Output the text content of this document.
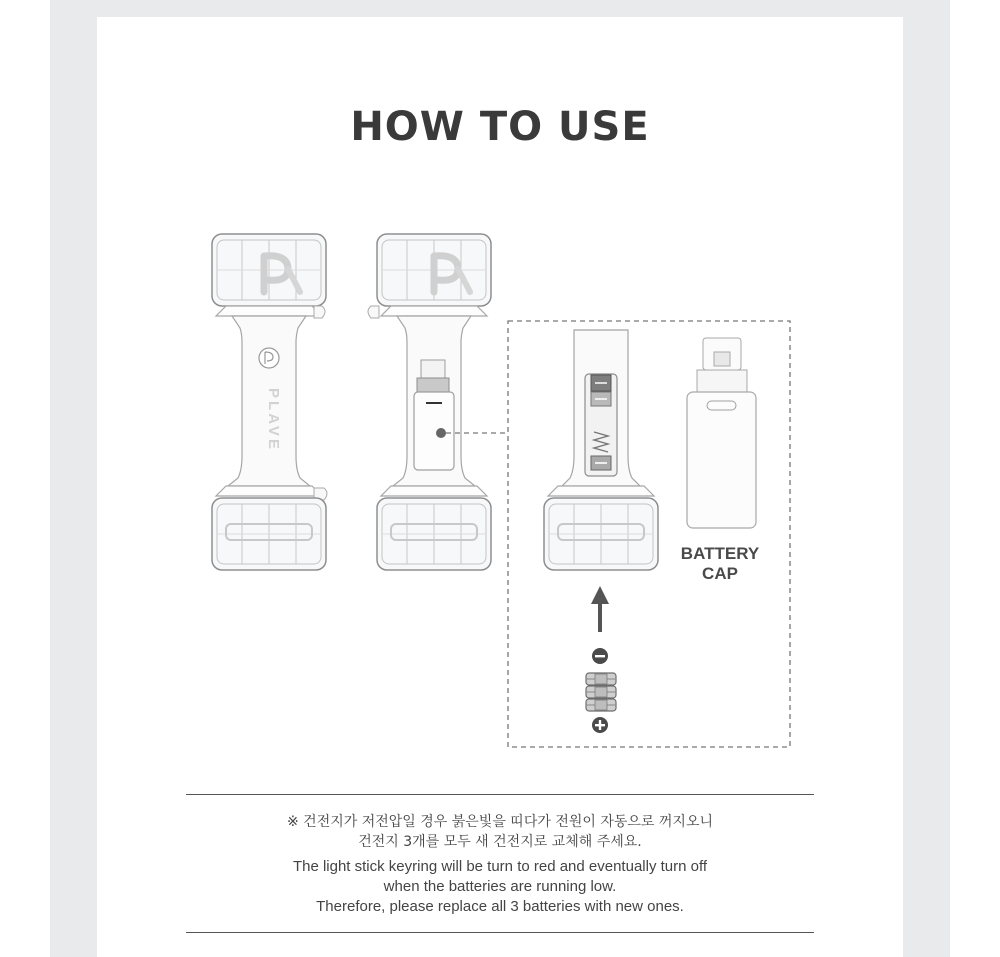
HOW TO USE
PLAVE
BATTERY
CAP
※ 건전지가 저전압일 경우 붉은빛을 띠다가 전원이 자동으로 꺼지오니
건전지 3개를 모두 새 건전지로 교체해 주세요.
The light stick keyring will be turn to red and eventually turn off
when the batteries are running low.
Therefore, please replace all 3 batteries with new ones.
